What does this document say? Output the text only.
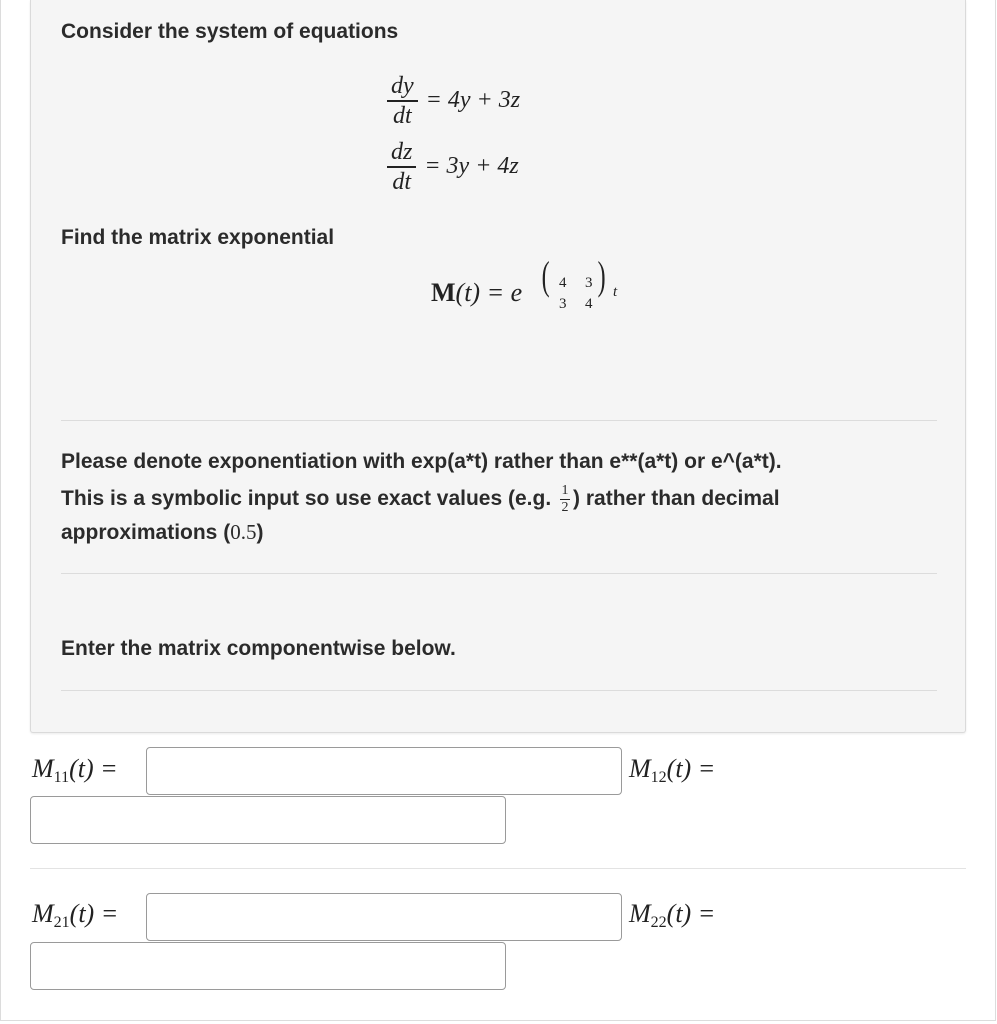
Consider the system of equations
$\frac{dy}{dt} = 4y + 3z$
$\frac{dz}{dt} = 3y + 4z$
Find the matrix exponential
M(t) = e ( 4 3
3 4
) t
Please denote exponentiation with exp(a*t) rather than e**(a*t) or e^(a*t).
This is a symbolic input so use exact values (e.g. $\frac{1}{2}$ ) rather than decimal
approximations (0.5)
Enter the matrix componentwise below.
$M_{11}(t)$ =	$M_{12}(t)$ =
$M_{21}(t)$ =	$M_{22}(t)$ =
